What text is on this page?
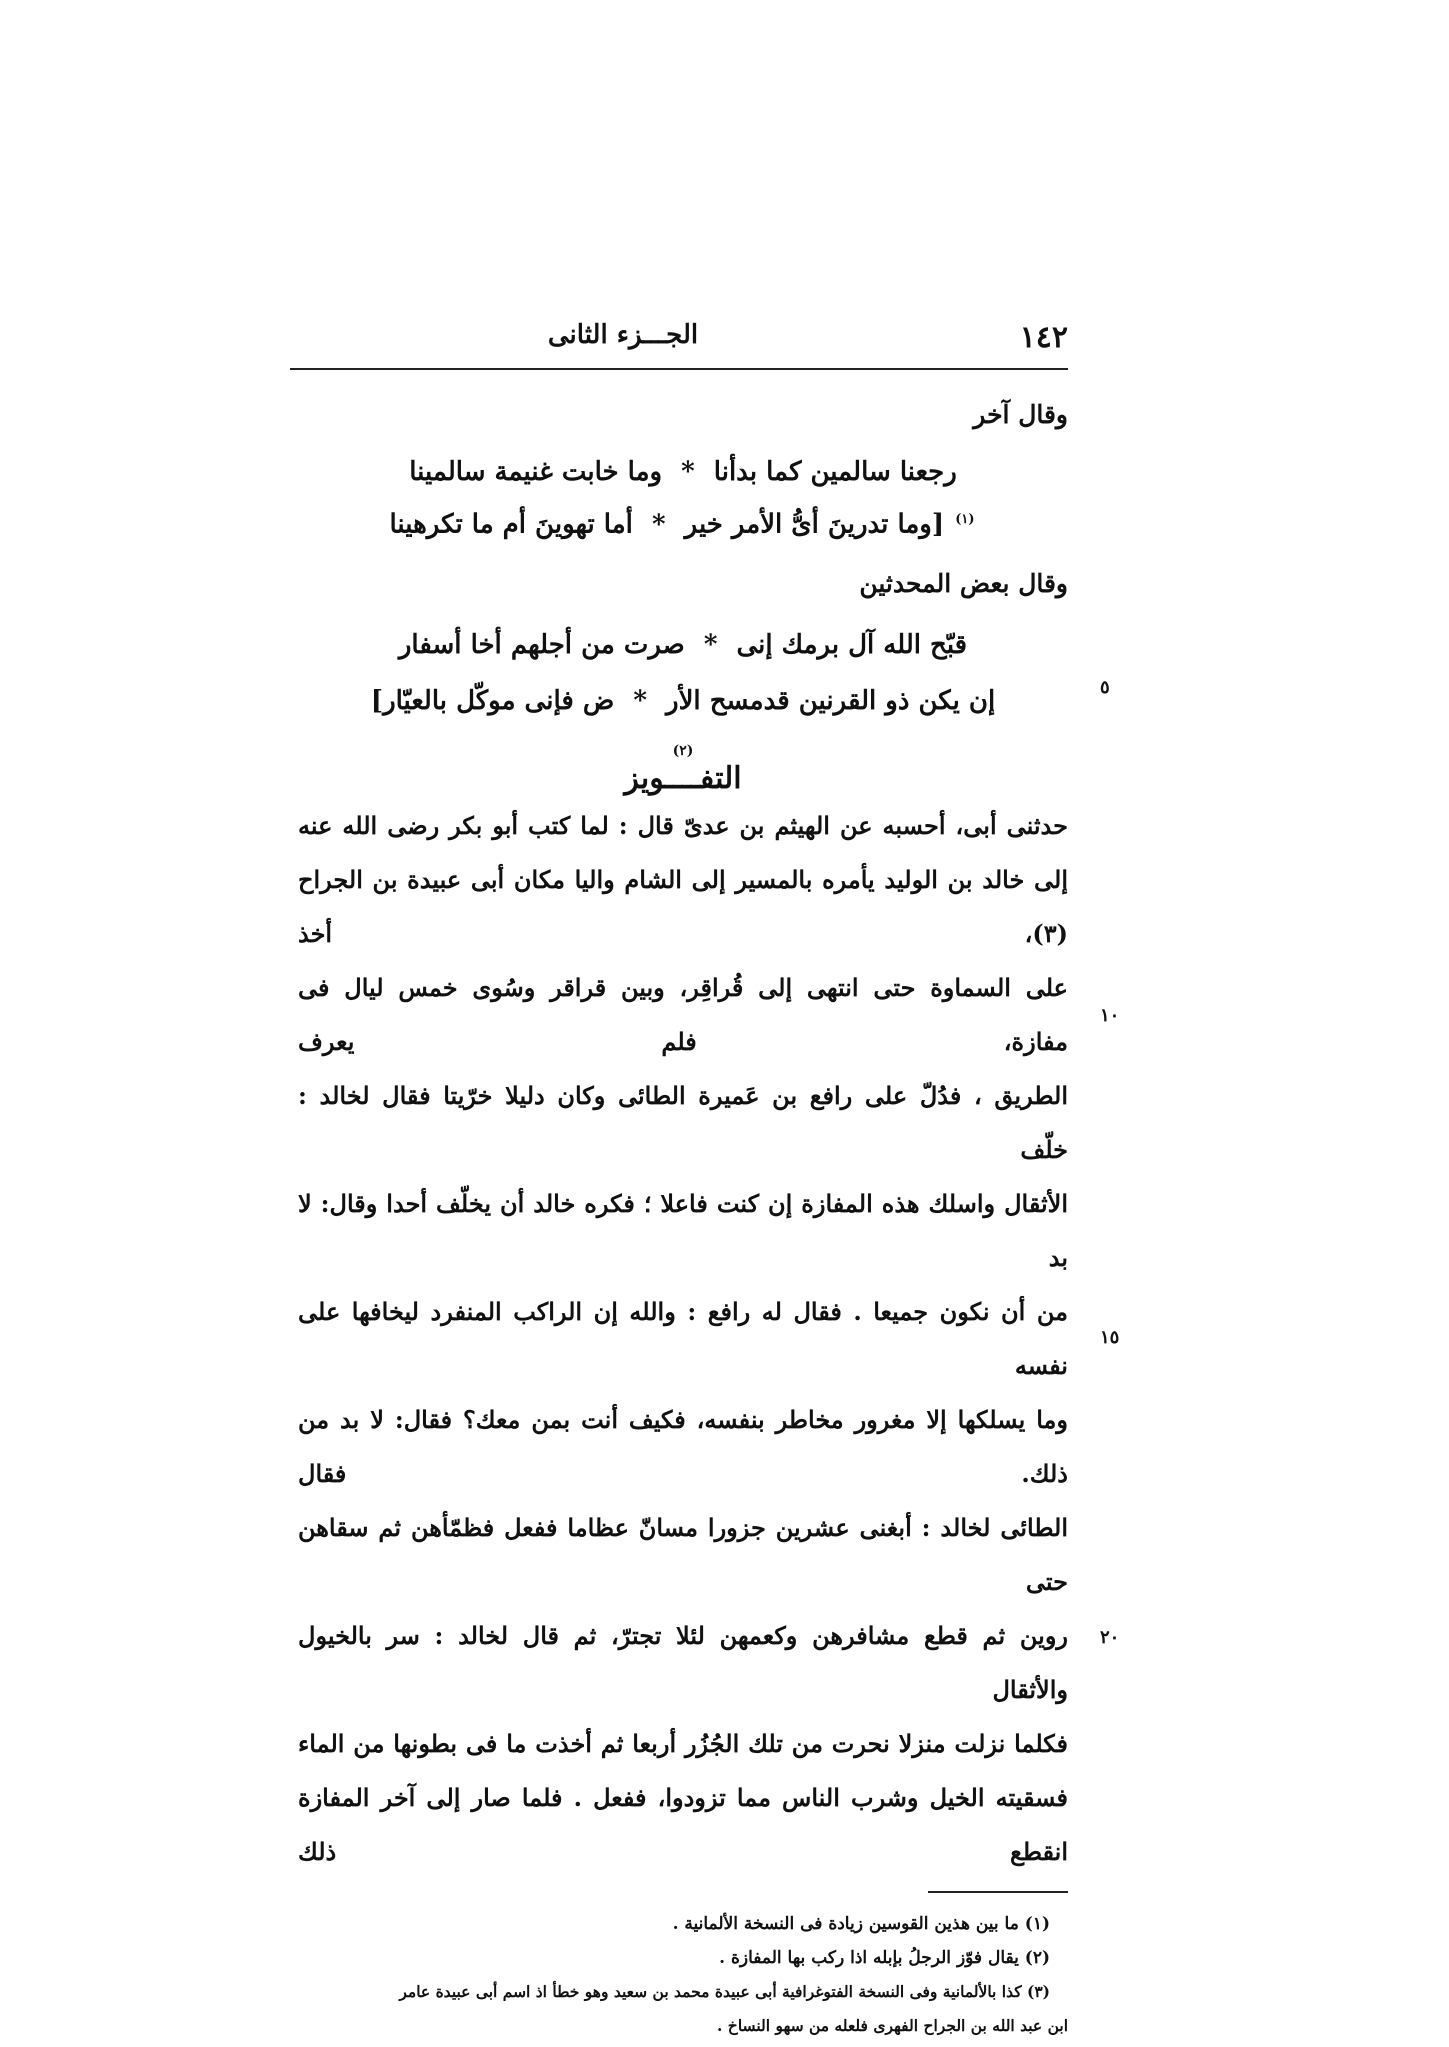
١٤٢
الجـــزء الثانى
وقال آخر
رجعنا سالمين كما بدأنا * وما خابت غنيمة سالمينا
$^{(١)}$ [وما تدرينَ أىُّ الأمر خير * أما تهوينَ أم ما تكرهينا
وقال بعض المحدثين
قبّح الله آل برمك إنى * صرت من أجلهم أخا أسفار
إن يكن ذو القرنين قدمسح الأر * ض فإنى موكّل بالعيّار]
(٢)
التفــــويز
حدثنى أبى، أحسبه عن الهيثم بن عدىّ قال : لما كتب أبو بكر رضى الله عنه
إلى خالد بن الوليد يأمره بالمسير إلى الشام واليا مكان أبى عبيدة بن الجراح (٣)، أخذ
على السماوة حتى انتهى إلى قُراقِر، وبين قراقر وسُوى خمس ليال فى مفازة، فلم يعرف
الطريق ، فدُلّ على رافع بن عَميرة الطائى وكان دليلا خرّيتا فقال لخالد : خلّف
الأثقال واسلك هذه المفازة إن كنت فاعلا ؛ فكره خالد أن يخلّف أحدا وقال: لا بد
من أن نكون جميعا . فقال له رافع : والله إن الراكب المنفرد ليخافها على نفسه
وما يسلكها إلا مغرور مخاطر بنفسه، فكيف أنت بمن معك؟ فقال: لا بد من ذلك. فقال
الطائى لخالد : أبغنى عشرين جزورا مسانّ عظاما ففعل فظمّأهن ثم سقاهن حتى
روين ثم قطع مشافرهن وكعمهن لئلا تجترّ، ثم قال لخالد : سر بالخيول والأثقال
فكلما نزلت منزلا نحرت من تلك الجُزُر أربعا ثم أخذت ما فى بطونها من الماء
فسقيته الخيل وشرب الناس مما تزودوا، ففعل . فلما صار إلى آخر المفازة انقطع ذلك
(١) ما بين هذين القوسين زيادة فى النسخة الألمانية .
(٢) يقال فوّز الرجلُ بإبله اذا ركب بها المفازة .
(٣) كذا بالألمانية وفى النسخة الفتوغرافية أبى عبيدة محمد بن سعيد وهو خطأ اذ اسم أبى عبيدة عامر
ابن عبد الله بن الجراح الفهرى فلعله من سهو النساخ .
٥
١٠
١٥
٢٠
